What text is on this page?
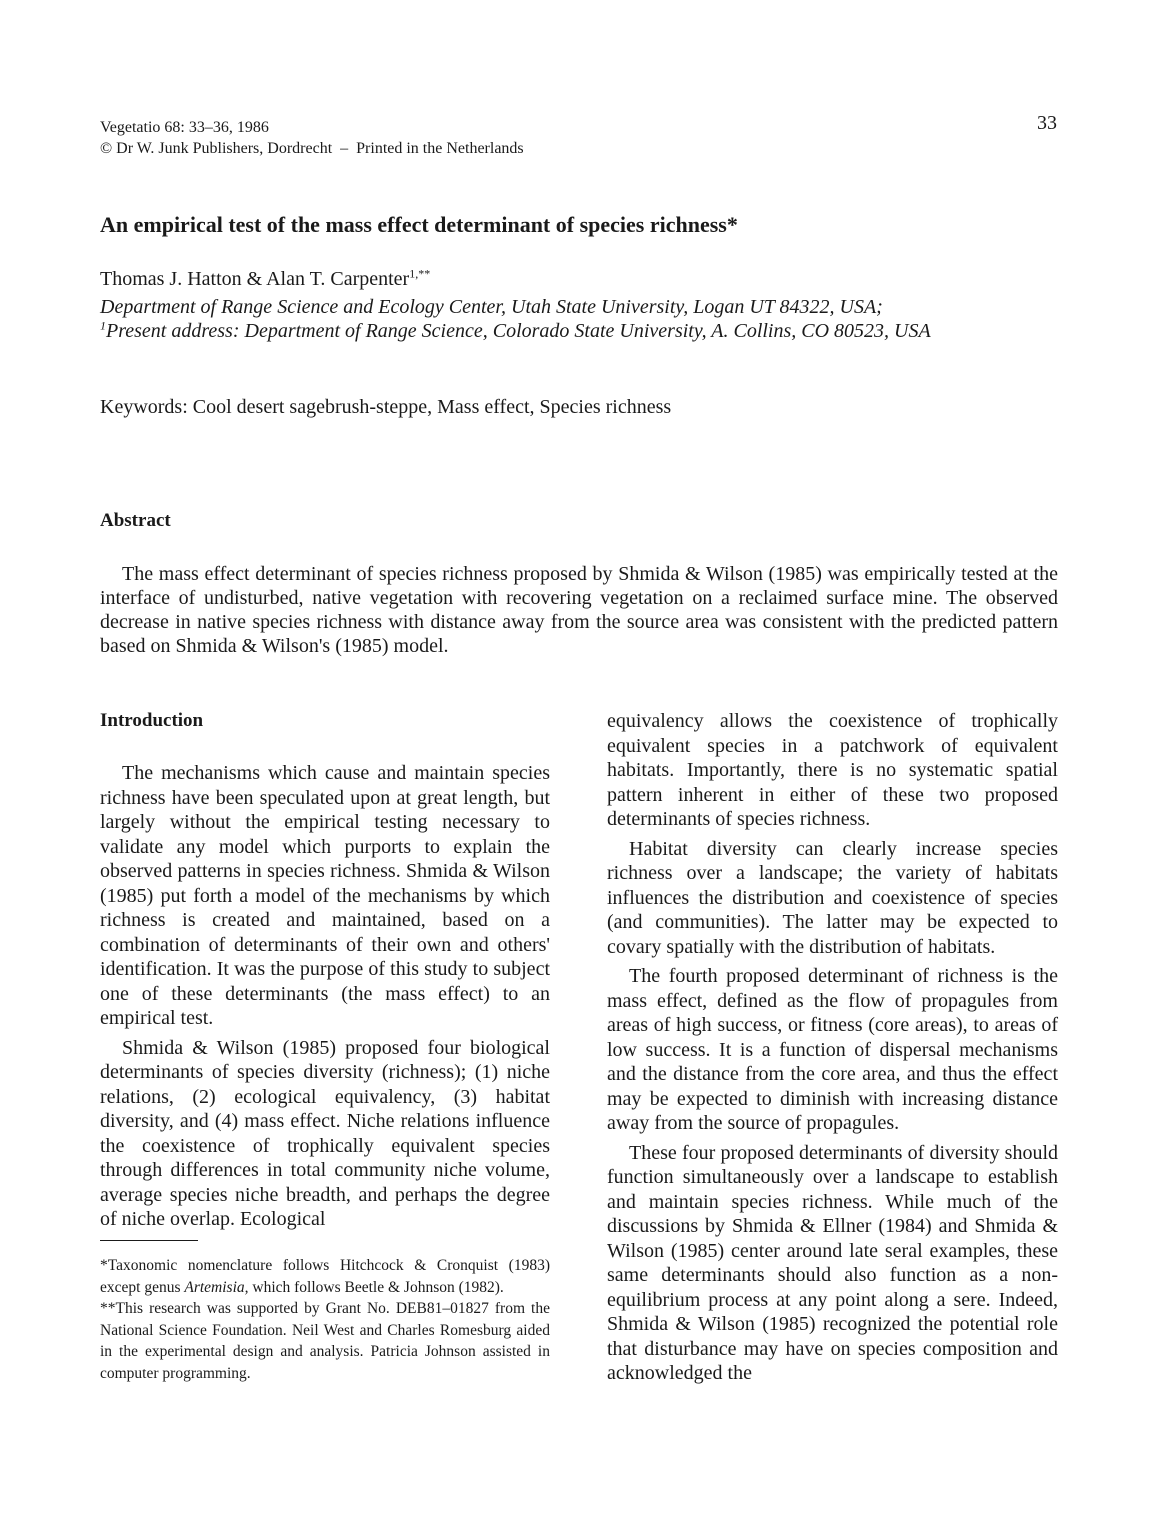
Vegetatio 68: 33–36, 1986
© Dr W. Junk Publishers, Dordrecht  –  Printed in the Netherlands
33
An empirical test of the mass effect determinant of species richness*
Thomas J. Hatton & Alan T. Carpenter$^{1,**}$
Department of Range Science and Ecology Center, Utah State University, Logan UT 84322, USA;
$^1$Present address: Department of Range Science, Colorado State University, A. Collins, CO 80523, USA
Keywords: Cool desert sagebrush-steppe, Mass effect, Species richness
Abstract
The mass effect determinant of species richness proposed by Shmida & Wilson (1985) was empirically tested at the interface of undisturbed, native vegetation with recovering vegetation on a reclaimed surface mine. The observed decrease in native species richness with distance away from the source area was consistent with the predicted pattern based on Shmida & Wilson's (1985) model.
Introduction

The mechanisms which cause and maintain species richness have been speculated upon at great length, but largely without the empirical testing necessary to validate any model which purports to explain the observed patterns in species richness. Shmida & Wilson (1985) put forth a model of the mechanisms by which richness is created and maintained, based on a combination of determinants of their own and others' identification. It was the purpose of this study to subject one of these determinants (the mass effect) to an empirical test.

Shmida & Wilson (1985) proposed four biological determinants of species diversity (richness); (1) niche relations, (2) ecological equivalency, (3) habitat diversity, and (4) mass effect. Niche relations influence the coexistence of trophically equivalent species through differences in total community niche volume, average species niche breadth, and perhaps the degree of niche overlap. Ecological

*Taxonomic nomenclature follows Hitchcock & Cronquist (1983) except genus Artemisia, which follows Beetle & Johnson (1982).

**This research was supported by Grant No. DEB81–01827 from the National Science Foundation. Neil West and Charles Romesburg aided in the experimental design and analysis. Patricia Johnson assisted in computer programming.

equivalency allows the coexistence of trophically equivalent species in a patchwork of equivalent habitats. Importantly, there is no systematic spatial pattern inherent in either of these two proposed determinants of species richness.

Habitat diversity can clearly increase species richness over a landscape; the variety of habitats influences the distribution and coexistence of species (and communities). The latter may be expected to covary spatially with the distribution of habitats.

The fourth proposed determinant of richness is the mass effect, defined as the flow of propagules from areas of high success, or fitness (core areas), to areas of low success. It is a function of dispersal mechanisms and the distance from the core area, and thus the effect may be expected to diminish with increasing distance away from the source of propagules.

These four proposed determinants of diversity should function simultaneously over a landscape to establish and maintain species richness. While much of the discussions by Shmida & Ellner (1984) and Shmida & Wilson (1985) center around late seral examples, these same determinants should also function as a non-equilibrium process at any point along a sere. Indeed, Shmida & Wilson (1985) recognized the potential role that disturbance may have on species composition and acknowledged the
